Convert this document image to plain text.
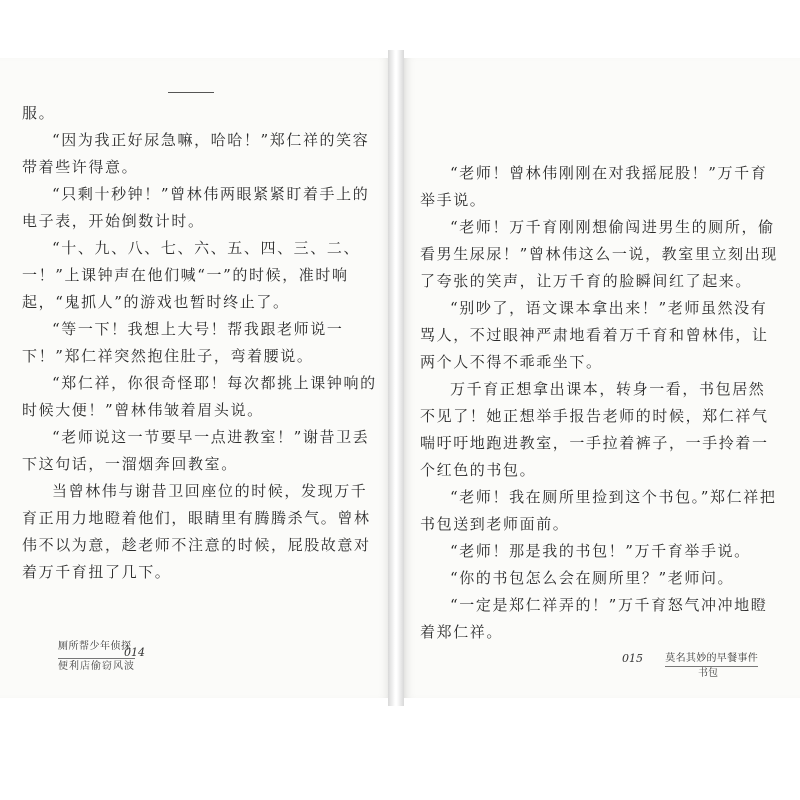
服。

“因为我正好尿急嘛，哈哈！”郑仁祥的笑容带着些许得意。

“只剩十秒钟！”曾林伟两眼紧紧盯着手上的电子表，开始倒数计时。

“十、九、八、七、六、五、四、三、二、一！”上课钟声在他们喊“一”的时候，准时响起，“鬼抓人”的游戏也暂时终止了。

“等一下！我想上大号！帮我跟老师说一下！”郑仁祥突然抱住肚子，弯着腰说。

“郑仁祥，你很奇怪耶！每次都挑上课钟响的时候大便！”曾林伟皱着眉头说。

“老师说这一节要早一点进教室！”谢昔卫丢下这句话，一溜烟奔回教室。

当曾林伟与谢昔卫回座位的时候，发现万千育正用力地瞪着他们，眼睛里有腾腾杀气。曾林伟不以为意，趁老师不注意的时候，屁股故意对着万千育扭了几下。

“老师！曾林伟刚刚在对我摇屁股！”万千育举手说。

“老师！万千育刚刚想偷闯进男生的厕所，偷看男生尿尿！”曾林伟这么一说，教室里立刻出现了夸张的笑声，让万千育的脸瞬间红了起来。

“别吵了，语文课本拿出来！”老师虽然没有骂人，不过眼神严肃地看着万千育和曾林伟，让两个人不得不乖乖坐下。

万千育正想拿出课本，转身一看，书包居然不见了！她正想举手报告老师的时候，郑仁祥气喘吁吁地跑进教室，一手拉着裤子，一手拎着一个红色的书包。

“老师！我在厕所里捡到这个书包。”郑仁祥把书包送到老师面前。

“老师！那是我的书包！”万千育举手说。

“你的书包怎么会在厕所里？”老师问。

“一定是郑仁祥弄的！”万千育怒气冲冲地瞪着郑仁祥。

厕所帮少年侦探
便利店偷窃风波
014	015 莫名其妙的早餐事件
书包
